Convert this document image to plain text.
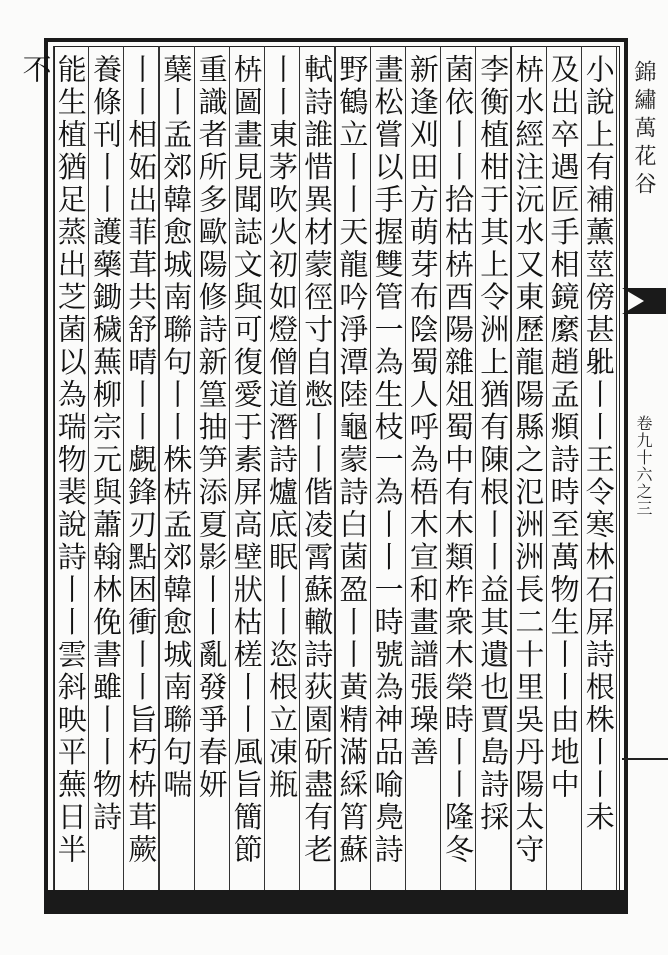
錦繡萬花谷
卷九十六之三
小說上有補薰莖傍甚𨈚丨丨王令寒林石屏詩根株丨丨未
及出卒遇匠手相鏡縻趙孟頫詩時至萬物生丨丨由地中
枿水經注沅水又東歷龍陽縣之氾洲洲長二十里吳丹陽太守
李衡植柑于其上令洲上猶有陳根丨丨益其遺也賈島詩採
菌依丨丨拾枯枿酉陽雜俎蜀中有木類柞衆木榮時丨丨隆冬
新逢刈田方萌芽布陰蜀人呼為梧木宣和畫譜張璪善
畫松嘗以手握雙管一為生枝一為丨丨一時號為神品喻鳧詩
野鶴立丨丨天龍吟淨潭陸龜蒙詩白菌盈丨丨黃精滿綵筲蘇
軾詩誰惜異材蒙徑寸自憋丨丨偕凌霄蘇轍詩荻園斫盡有老
丨丨東茅吹火初如燈僧道潛詩爐底眠丨丨恣根立凍瓶
枿圖畫見聞誌文與可復愛于素屏高壁狀枯槎丨丨風旨簡節
重識者所多歐陽修詩新篁抽笋添夏影丨丨亂發爭春妍
蘖丨孟郊韓愈城南聯句丨丨株枿孟郊韓愈城南聯句喘
丨丨相妬出菲茸共舒晴丨丨覷鋒刃點困衝丨丨旨朽枿茸蕨
養條刊丨丨護藥鋤穢蕪柳宗元與蕭翰林俛書雖丨丨物詩
能生植猶足蒸出芝菌以為瑞物裴說詩丨丨雲斜映平蕪日半
不
